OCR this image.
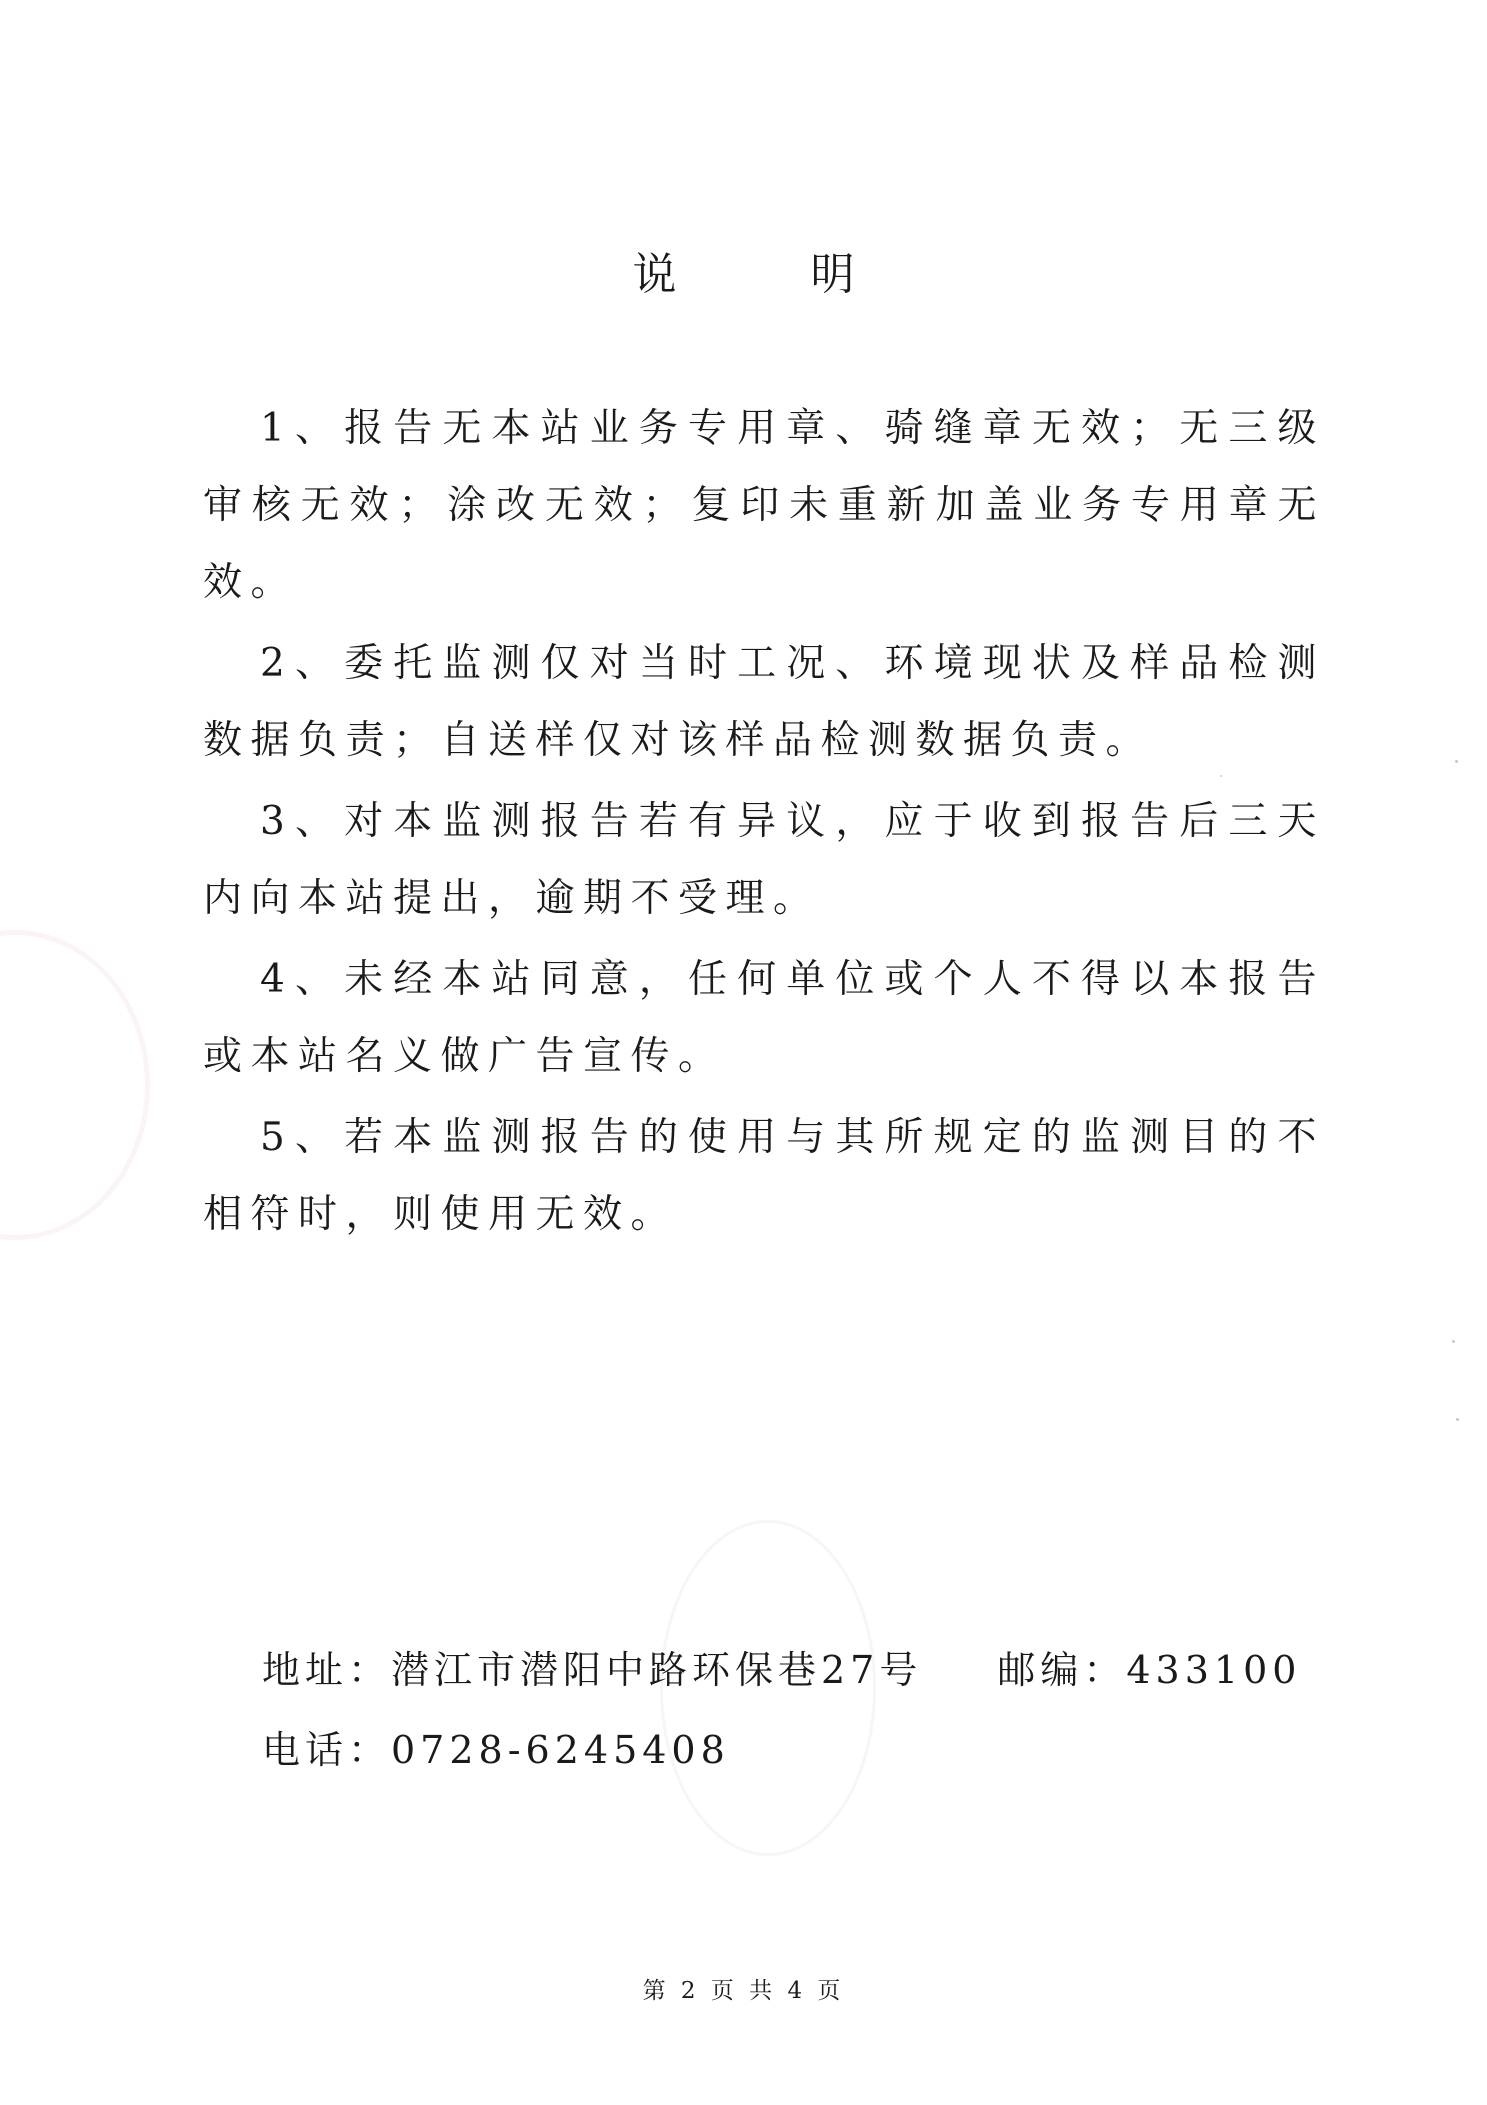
说 明

1、报告无本站业务专用章、骑缝章无效；无三级审核无效；涂改无效；复印未重新加盖业务专用章无效。

2、委托监测仅对当时工况、环境现状及样品检测数据负责；自送样仅对该样品检测数据负责。

3、对本监测报告若有异议，应于收到报告后三天内向本站提出，逾期不受理。

4、未经本站同意，任何单位或个人不得以本报告或本站名义做广告宣传。

5、若本监测报告的使用与其所规定的监测目的不相符时，则使用无效。

地址：潜江市潜阳中路环保巷27号 邮编：433100
电话：0728-6245408
第 2 页 共 4 页
